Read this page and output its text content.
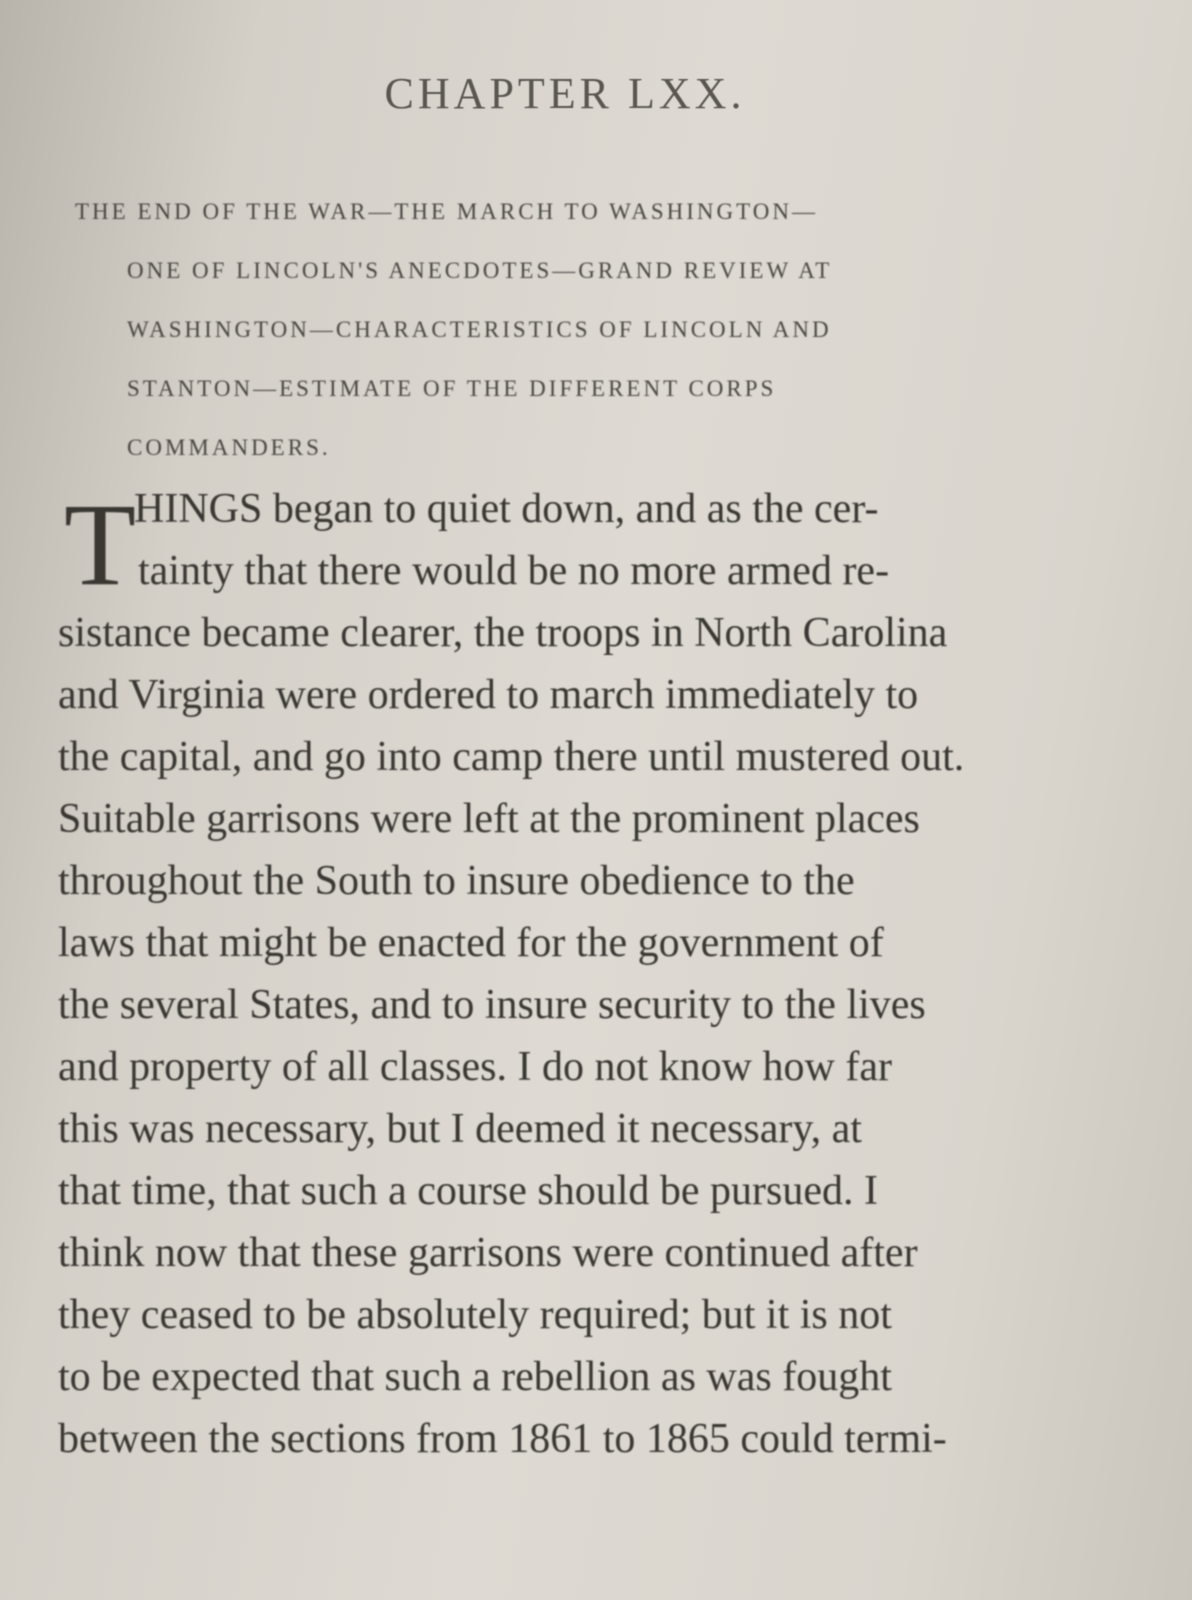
CHAPTER LXX.
THE END OF THE WAR—THE MARCH TO WASHINGTON—
ONE OF LINCOLN'S ANECDOTES—GRAND REVIEW AT
WASHINGTON—CHARACTERISTICS OF LINCOLN AND
STANTON—ESTIMATE OF THE DIFFERENT CORPS
COMMANDERS.
T
HINGS began to quiet down, and as the cer-
tainty that there would be no more armed re-
sistance became clearer, the troops in North Carolina
and Virginia were ordered to march immediately to
the capital, and go into camp there until mustered out.
Suitable garrisons were left at the prominent places
throughout the South to insure obedience to the
laws that might be enacted for the government of
the several States, and to insure security to the lives
and property of all classes. I do not know how far
this was necessary, but I deemed it necessary, at
that time, that such a course should be pursued. I
think now that these garrisons were continued after
they ceased to be absolutely required; but it is not
to be expected that such a rebellion as was fought
between the sections from 1861 to 1865 could termi-
